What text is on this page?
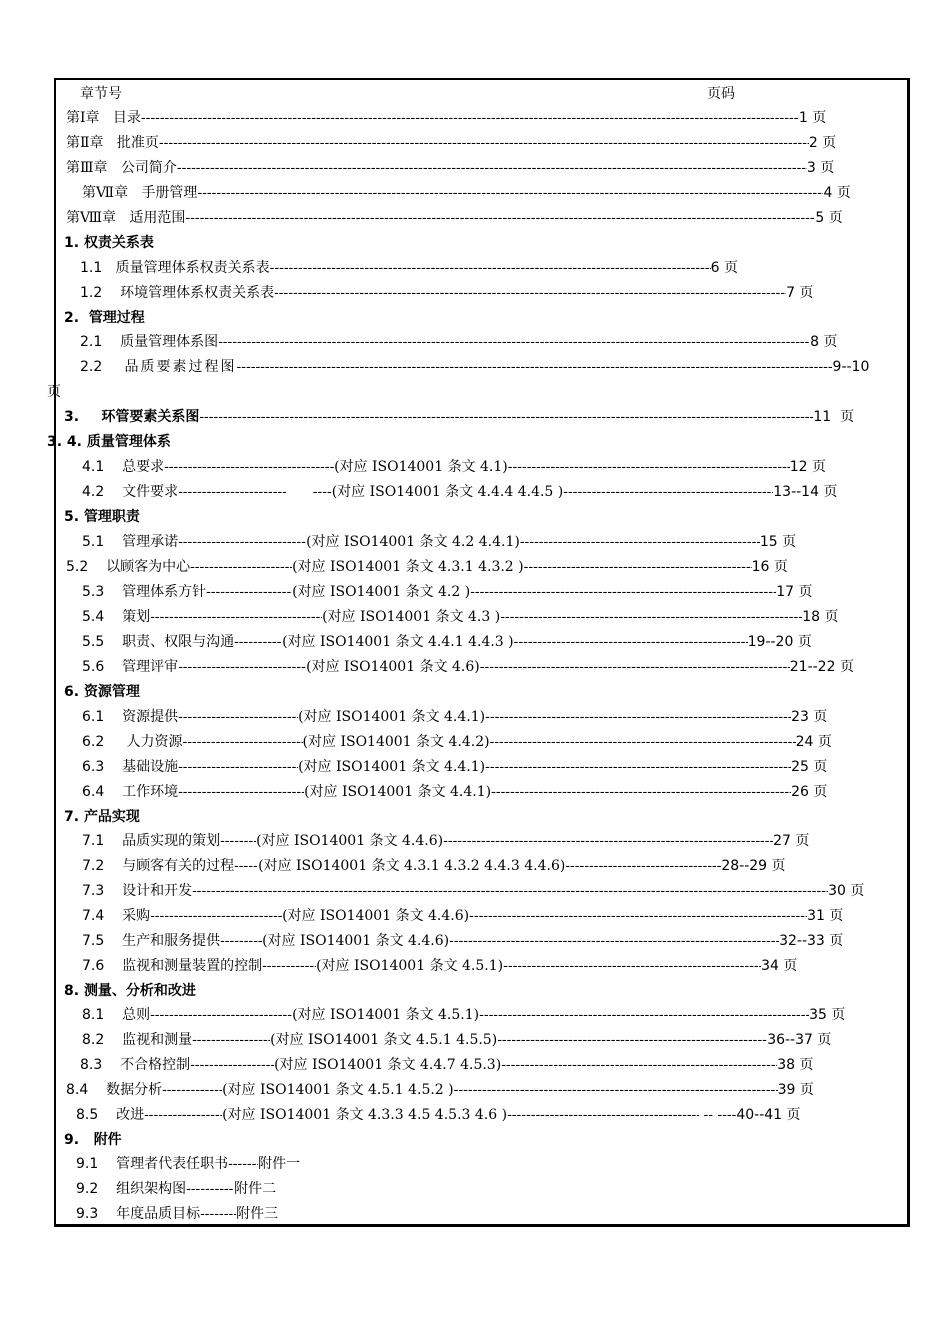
章节号	页码
第Ⅰ章 目录 -----	1 页
第Ⅱ章 批准页 -----	2 页
第Ⅲ章 公司简介 -----	3 页
第Ⅶ章 手册管理 -----	4 页
第Ⅷ章 适用范围 -----	5 页
1. 权责关系表
1.1 质量管理体系权责关系表 -----	6 页
1.2 环境管理体系权责关系表 -----	7 页
2. 管理过程
2.1 质量管理体系图 -----	8 页
2.2 品质要素过程图 -----	9--10
页
3. 环管要素关系图 -----	11 页
3. 4. 质量管理体系
4.1 总要求 -----	(对应 ISO14001 条文 4.1) -----	12 页
4.2 文件要求 -----	----(对应 ISO14001 条文 4.4.4 4.4.5 ) -----	13--14 页
5. 管理职责
5.1 管理承诺 -----	(对应 ISO14001 条文 4.2 4.4.1) -----	15 页
5.2 以顾客为中心 -----	(对应 ISO14001 条文 4.3.1 4.3.2 ) -----	16 页
5.3 管理体系方针 -----	(对应 ISO14001 条文 4.2 ) -----	17 页
5.4 策划 -----	(对应 ISO14001 条文 4.3 ) -----	18 页
5.5 职责、权限与沟通 -----	(对应 ISO14001 条文 4.4.1 4.4.3 ) -----	19--20 页
5.6 管理评审 -----	(对应 ISO14001 条文 4.6) -----	21--22 页
6. 资源管理
6.1 资源提供 -----	(对应 ISO14001 条文 4.4.1) -----	23 页
6.2 人力资源 -----	(对应 ISO14001 条文 4.4.2) -----	24 页
6.3 基础设施 -----	(对应 ISO14001 条文 4.4.1) -----	25 页
6.4 工作环境 -----	(对应 ISO14001 条文 4.4.1) -----	26 页
7. 产品实现
7.1 品质实现的策划 -----	(对应 ISO14001 条文 4.4.6) -----	27 页
7.2 与顾客有关的过程 ----- (对应 ISO14001 条文 4.3.1 4.3.2 4.4.3 4.4.6) -----	28--29 页
7.3 设计和开发 -----	30 页
7.4 采购 -----	(对应 ISO14001 条文 4.4.6) -----	31 页
7.5 生产和服务提供 -----	(对应 ISO14001 条文 4.4.6) -----	32--33 页
7.6 监视和测量装置的控制 -----	(对应 ISO14001 条文 4.5.1) -----	34 页
8. 测量、分析和改进
8.1 总则 -----	(对应 ISO14001 条文 4.5.1) -----	35 页
8.2 监视和测量 -----	(对应 ISO14001 条文 4.5.1 4.5.5) -----	36--37 页
8.3 不合格控制 -----	(对应 ISO14001 条文 4.4.7 4.5.3) -----	38 页
8.4 数据分析 -----	(对应 ISO14001 条文 4.5.1 4.5.2 ) -----	39 页
8.5 改进 -----	(对应 ISO14001 条文 4.3.3 4.5 4.5.3 4.6 ) -----	-- ----40--41 页
9. 附件
9.1 管理者代表任职书 ----- 附件一
9.2 组织架构图 -----	附件二
9.3 年度品质目标 -----	附件三
